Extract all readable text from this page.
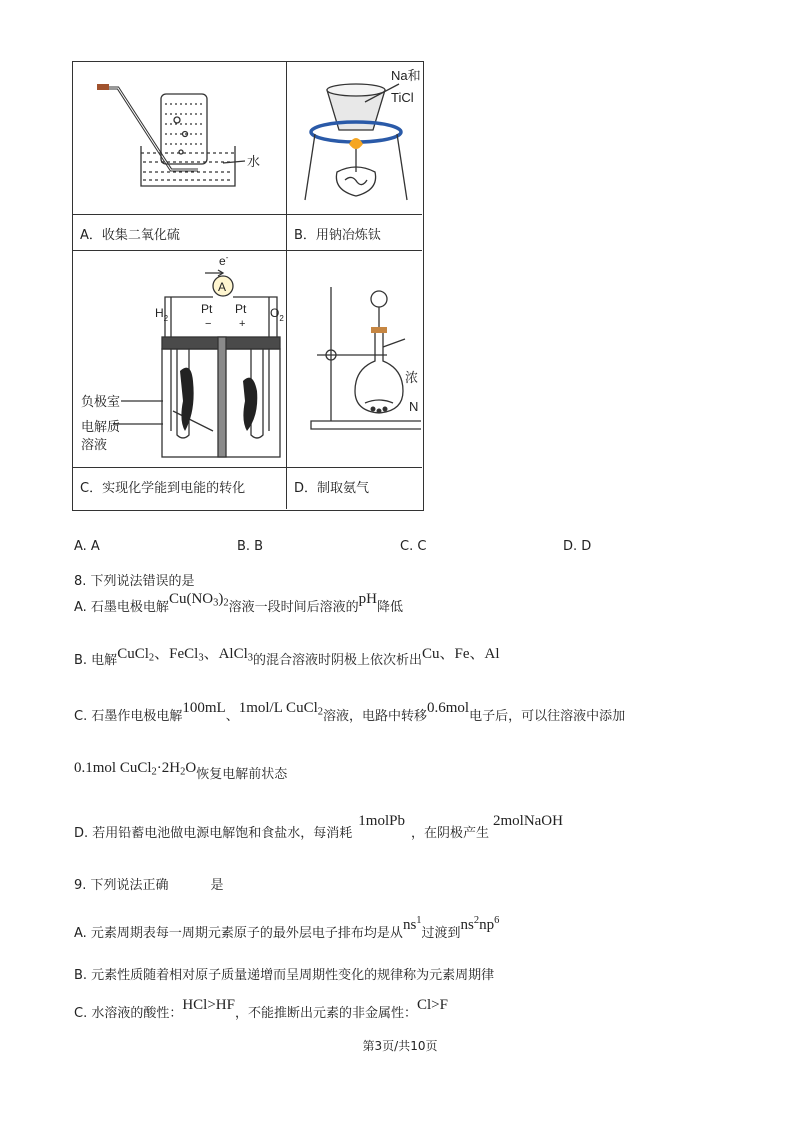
A．收集二氧化硫	B．用钠冶炼钛
C．实现化学能到电能的转化	D．制取氨气
水
Na和
TiCl
e-
A
$H_2$	$O_2$
Pt Pt
−	+
负极室
电解质
溶液
浓
N
A. A	B. B	C. C	D. D
8. 下列说法错误的是
A. 石墨电极电解$Cu(NO_3)_2$溶液一段时间后溶液的pH降低
B. 电解CuCl$_2$、FeCl$_3$、AlCl$_3$的混合溶液时阴极上依次析出Cu、Fe、Al
C. 石墨作电极电解100mL、1mol/L CuCl$_2$溶液，电路中转移0.6mol电子后，可以往溶液中添加
0.1mol $CuCl_2\cdot 2H_2O$恢复电解前状态
D. 若用铅蓄电池做电源电解饱和食盐水，每消耗1molPb，在阴极产生2molNaOH
9. 下列说法正确	是
A. 元素周期表每一周期元素原子的最外层电子排布均是从$ns^1$过渡到$ns^2np^6$
B. 元素性质随着相对原子质量递增而呈周期性变化的规律称为元素周期律
C. 水溶液的酸性：HCl>HF，不能推断出元素的非金属性：Cl>F
第3页/共10页
